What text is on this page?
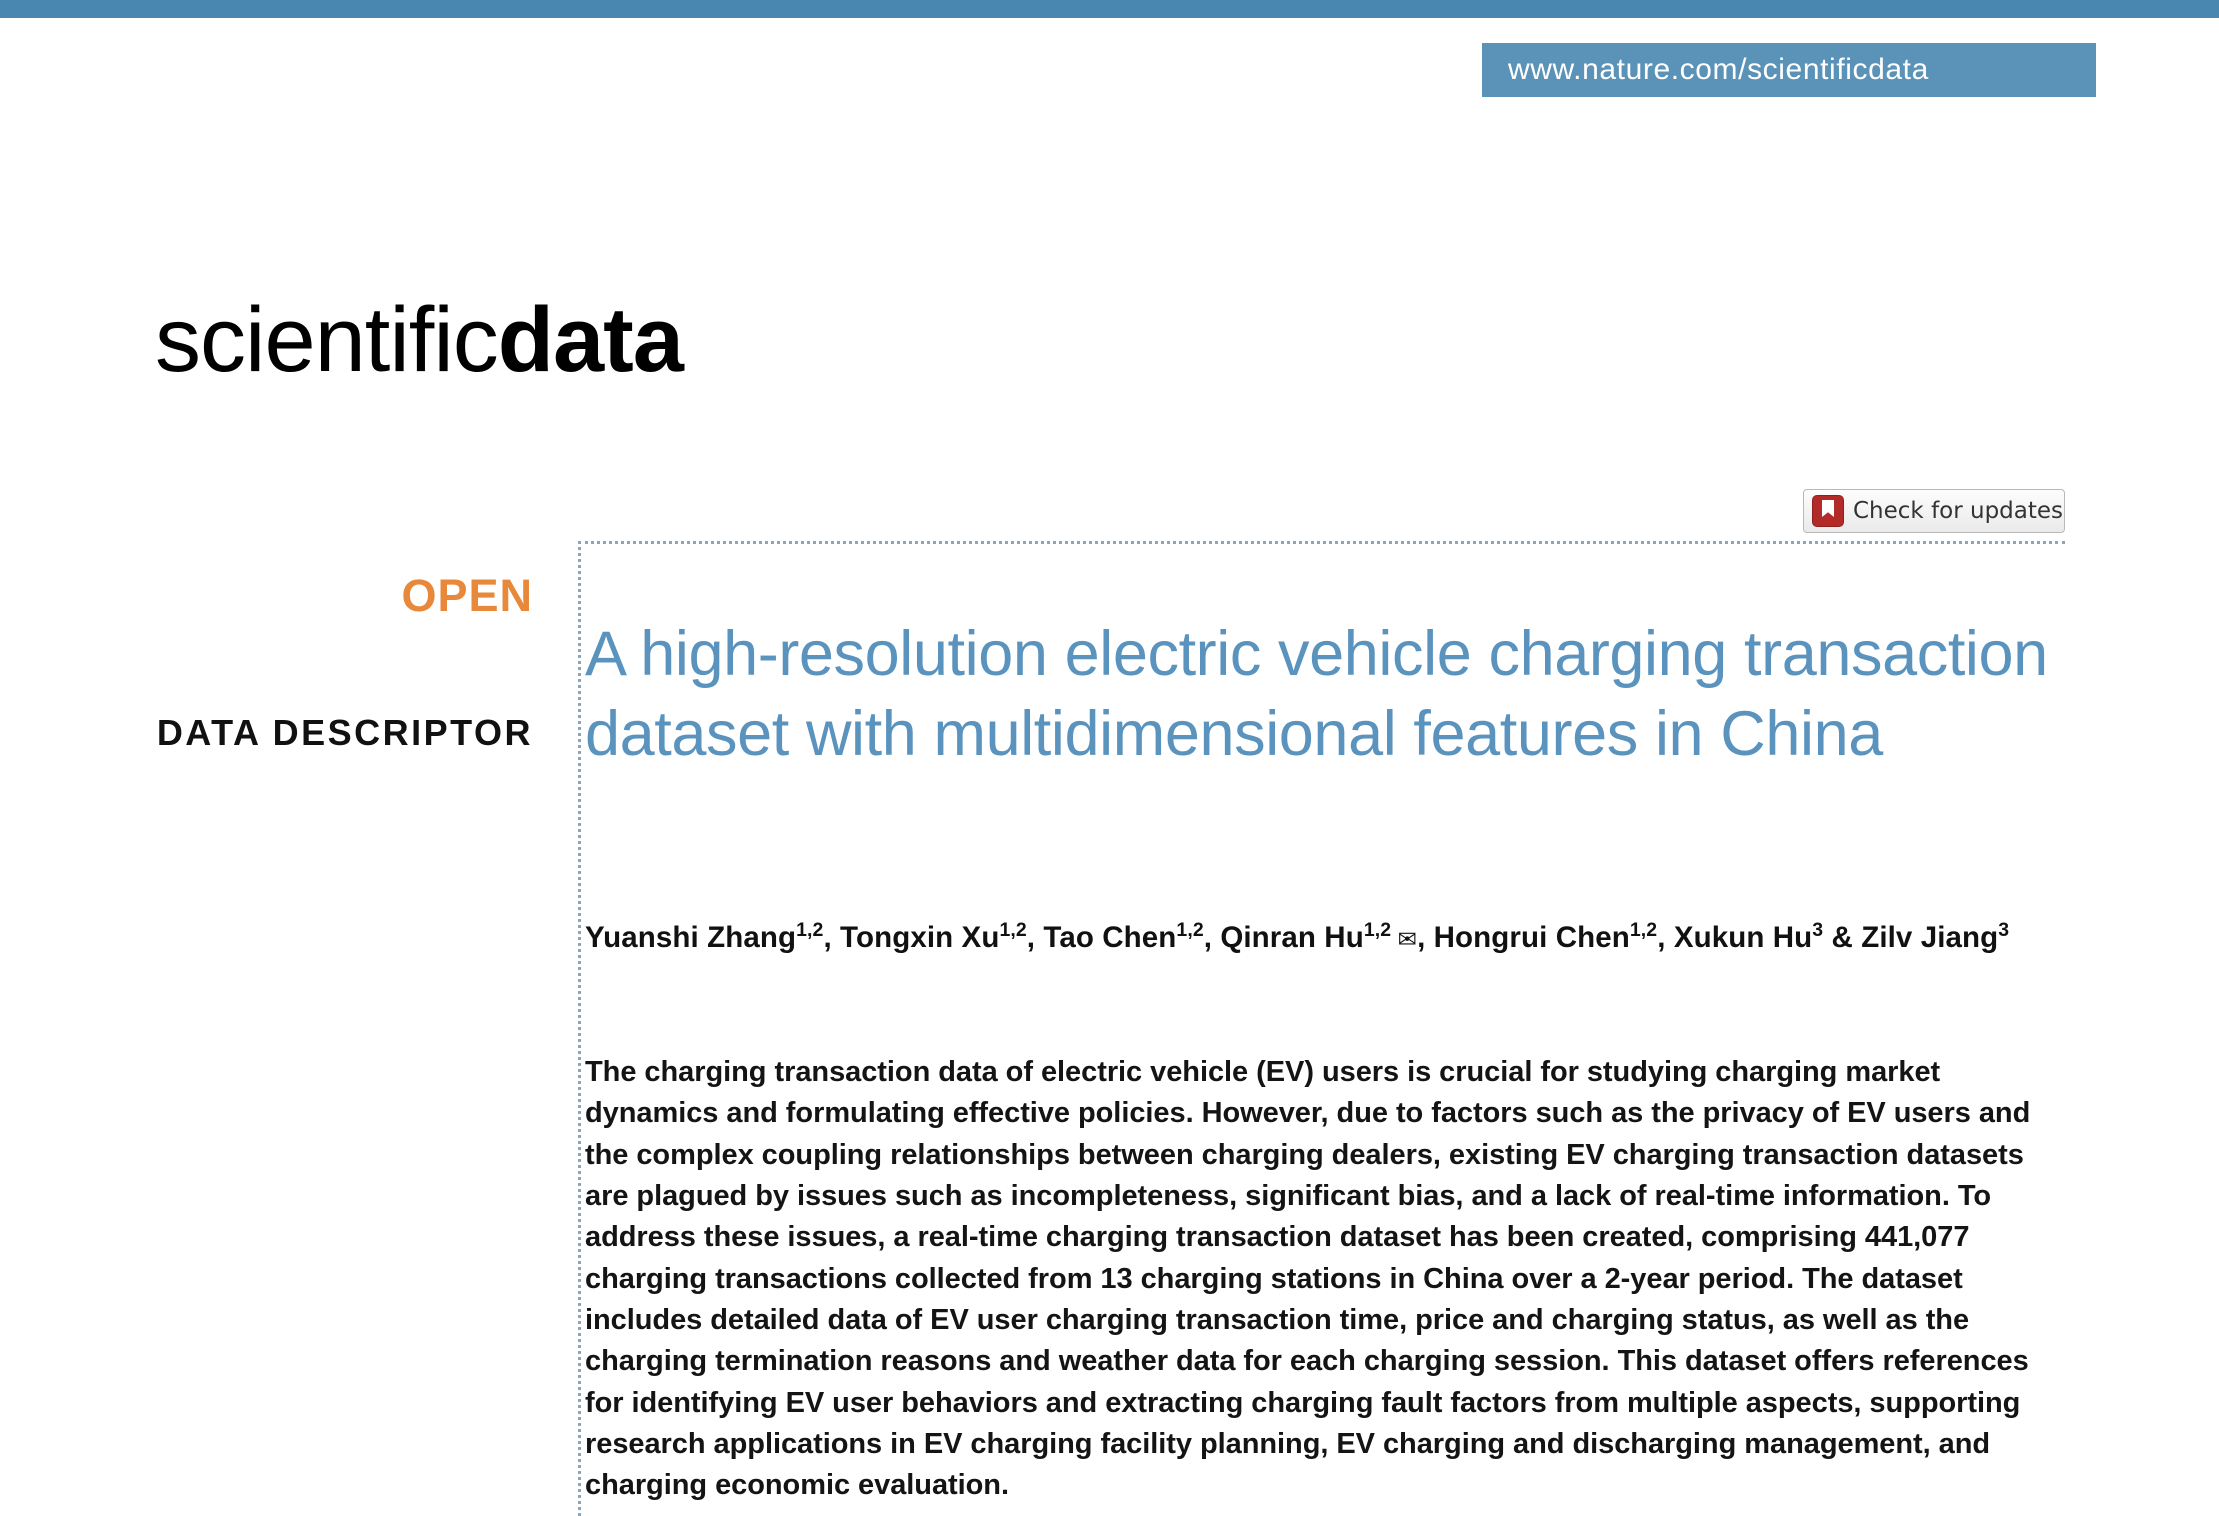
www.nature.com/scientificdata
scientificdata
Check for updates
OPEN
DATA DESCRIPTOR
A high-resolution electric vehicle charging transaction dataset with multidimensional features in China
Yuanshi Zhang$^{1,2}$, Tongxin Xu$^{1,2}$, Tao Chen$^{1,2}$, Qinran Hu$^{1,2}$ ✉, Hongrui Chen$^{1,2}$, Xukun Hu$^3$ & Zilv Jiang$^3$
The charging transaction data of electric vehicle (EV) users is crucial for studying charging market dynamics and formulating effective policies. However, due to factors such as the privacy of EV users and the complex coupling relationships between charging dealers, existing EV charging transaction datasets are plagued by issues such as incompleteness, significant bias, and a lack of real-time information. To address these issues, a real-time charging transaction dataset has been created, comprising 441,077 charging transactions collected from 13 charging stations in China over a 2-year period. The dataset includes detailed data of EV user charging transaction time, price and charging status, as well as the charging termination reasons and weather data for each charging session. This dataset offers references for identifying EV user behaviors and extracting charging fault factors from multiple aspects, supporting research applications in EV charging facility planning, EV charging and discharging management, and charging economic evaluation.
